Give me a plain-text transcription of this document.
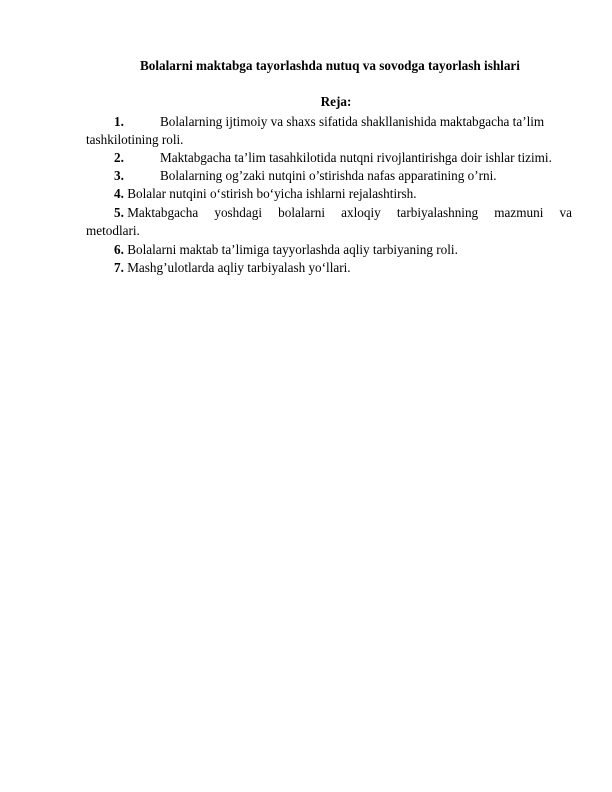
Bolalarni maktabga tayorlashda nutuq va sovodga tayorlash ishlari
Reja:
1.	Bolalarning ijtimoiy va shaxs sifatida shakllanishida maktabgacha ta’lim
tashkilotining roli.
2.	Maktabgacha ta’lim tasahkilotida nutqni rivojlantirishga doir ishlar tizimi.
3.	Bolalarning og’zaki nutqini o’stirishda nafas apparatining o’rni.
4. Bolalar nutqini o‘stirish bo‘yicha ishlarni rejalashtirsh.
5. Maktabgacha yoshdagi bolalarni axloqiy tarbiyalashning mazmuni va
metodlari.
6. Bolalarni maktab ta’limiga tayyorlashda aqliy tarbiyaning roli.
7. Mashg’ulotlarda aqliy tarbiyalash yo‘llari.
